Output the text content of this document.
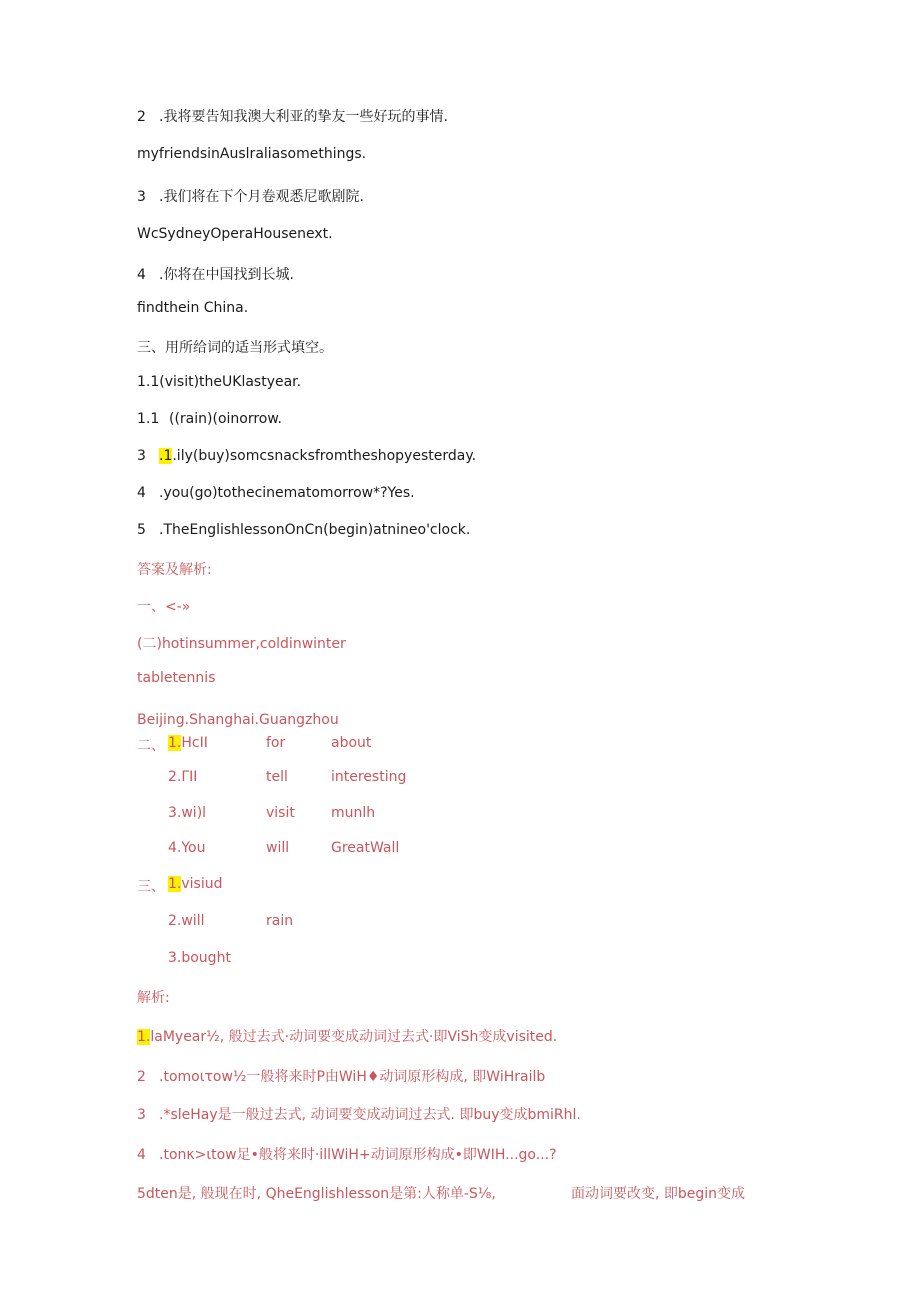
2 .我将要告知我澳大利亚的挚友一些好玩的事情.
myfriendsinAuslraliasomethings.
3 .我们将在下个月卷观悉尼歌剧院.
WcSydneyOperaHousenext.
4 .你将在中国找到长城.
findthein China.
三、用所给词的适当形式填空。
1.1(visit)theUKlastyear.
1.1 ((rain)(oinorrow.
3 .1.ily(buy)somcsnacksfromtheshopyesterday.
4 .you(go)tothecinematomorrow*?Yes.
5 .TheEnglishlessonOnCn(begin)atnineo'clock.
答案及解析:
一、<-»
(二)hotinsummer,coldinwinter
tabletennis
Beijing.Shanghai.Guangzhou
二、 1.HcII	for	about
2.ΓII	tell	interesting
3.wi)l	visit	munlh
4.You	will	GreatWall
三、 1.visiud
2.will	rain
3.bought
解析:
1.laMyear½, 般过去式·动词要变成动词过去式·即ViSh变成visited.
2 .tomoιτow½一般将来时P由WiH♦动词原形构成, 即WiHrailb
3 .*sleHay是一般过去式, 动词要变成动词过去式. 即buy变成bmiRhl.
4 .tonκ>ιtow足•般将来时·illWiH+动词原形构成•即WIH...go...?
5dten是, 般现在时, QheEnglishlesson是第:人称单-S⅛,	面动词要改变, 即begin变成
